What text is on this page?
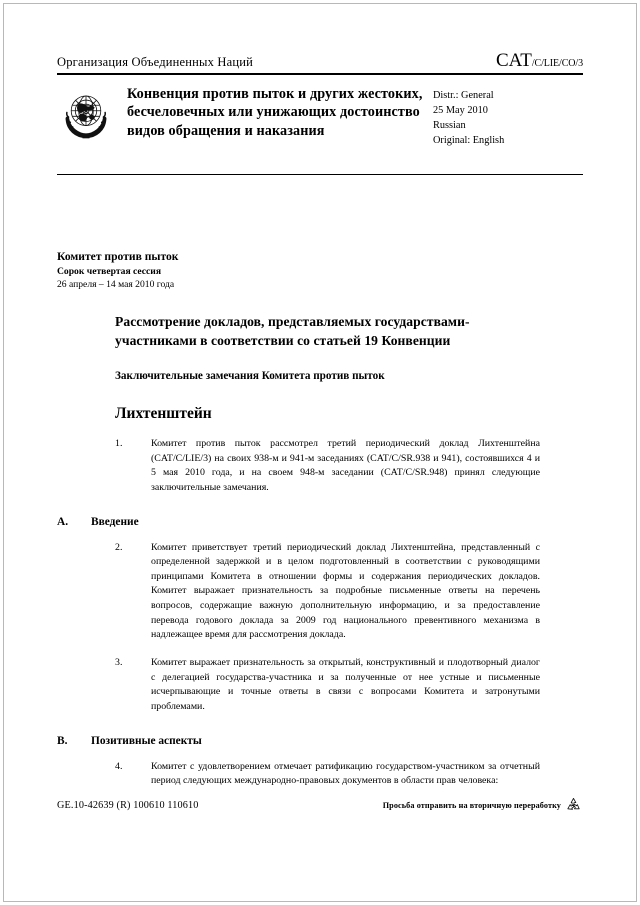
Организация Объединенных Наций	CAT/C/LIE/CO/3
Конвенция против пыток и других жестоких, бесчеловечных или унижающих достоинство видов обращения и наказания
Distr.: General
25 May 2010
Russian
Original: English
Комитет против пыток
Сорок четвертая сессия
26 апреля – 14 мая 2010 года
Рассмотрение докладов, представляемых государствами-участниками в соответствии со статьей 19 Конвенции
Заключительные замечания Комитета против пыток
Лихтенштейн
1.	Комитет против пыток рассмотрел третий периодический доклад Лихтенштейна (CAT/C/LIE/3) на своих 938-м и 941-м заседаниях (CAT/C/SR.938 и 941), состоявшихся 4 и 5 мая 2010 года, и на своем 948-м заседании (CAT/C/SR.948) принял следующие заключительные замечания.
A.	Введение
2.	Комитет приветствует третий периодический доклад Лихтенштейна, представленный с определенной задержкой и в целом подготовленный в соответствии с руководящими принципами Комитета в отношении формы и содержания периодических докладов. Комитет выражает признательность за подробные письменные ответы на перечень вопросов, содержащие важную дополнительную информацию, и за предоставление перевода годового доклада за 2009 год национального превентивного механизма в надлежащее время для рассмотрения доклада.
3.	Комитет выражает признательность за открытый, конструктивный и плодотворный диалог с делегацией государства-участника и за полученные от нее устные и письменные исчерпывающие и точные ответы в связи с вопросами Комитета и затронутыми проблемами.
B.	Позитивные аспекты
4.	Комитет с удовлетворением отмечает ратификацию государством-участником за отчетный период следующих международно-правовых документов в области прав человека:
GE.10-42639 (R) 100610 110610	Просьба отправить на вторичную переработку
